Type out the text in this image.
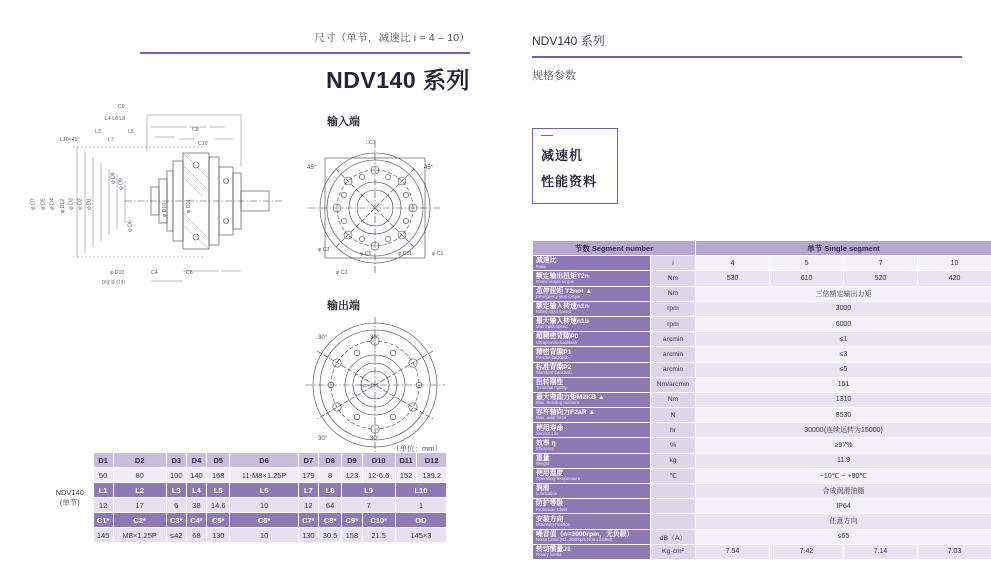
尺寸（单节，减速比 i = 4 – 10）
NDV140 系列
C9
L4 L6 L8
L3
L7
L5	C8
C10
L10×45°
φ D7 φ D5 φ D4 φ D12 φ D3 φ D2 φ D1
φ D8
φ D9
φ D6
φ D11
φ D10
C4	C6
φ D10
0度要对准
输入端
□C7
45°	45°
φ C1
φ C11
φ C5
φ C3
φ C2
输出端
NDV140
30°	30°
30°	30°
（单位：mm）
NDV140
(单节)	D1	D2	D3	D4	D5	D6	D7	D8	D9	D10	D11	D12
	50	80	100	140	168	11-M8×1.25P	179	8	123	12-6.6	152	139.2
	L1	L2	L3	L4	L5	L6	L7	L8	L9		L10	
	12	17	6	38	14.6	10	12	64	7		1	
	C1*	C2*	C3*	C4*	C5*	C6*	C7*	C8*	C9*	C10*	OD	
	145	M8×1.25P	≤42	68	130	10	130	30.5	158	21.5	145×3	
NDV140 系列
规格参数
减速机
性能资料
节数 Segment number		单节 Single segment			

减速比
Ratio	i	4	5	7	10

额定输出扭矩T2n
Rated output torque	Nm	530	610	520	420

急停扭矩 T2not ▲
Emergency stop torque	Nm	三倍额定输出力矩			

额定输入转速n1n
Rated input speed	rpm	3000			

最大输入转速n1b
Max input speed	rpm	6000			

超精密背隙P0
Ultraprecise backlash	arcmin	≤1			

精密背隙P1
Precise backlash	arcmin	≤3			

标准背隙P2
Standard backlash	arcmin	≤5			

扭转刚性
Torsional rigidity	Nm/arcmin	151			

最大弯曲力矩M2KB ▲
Max. Bending moment	Nm	1310			

容许轴向力F2aR ▲
Max. axial force	N	8530			

使用寿命
Service Life	hr	30000(连续运转为15000)			

效率 η
Efficiency	%	≥97%			

重量
Weight	kg	11.9			

使用温度
Operating Temperature	℃	−10℃ ~ +90℃			

润滑
Lubrication		合成润滑油脂			

防护等级
Protection Class		IP64			

安装方向
Mounting Position		任意方向			

噪音值（n=3000rpm，无负载）
Noise Level (N1=3000rpm,Non-Loaded)	dB（A）	≤65			

转动惯量J1
Rotary inertia	Kg·cm²	7.54	7.42	7.14	7.03
